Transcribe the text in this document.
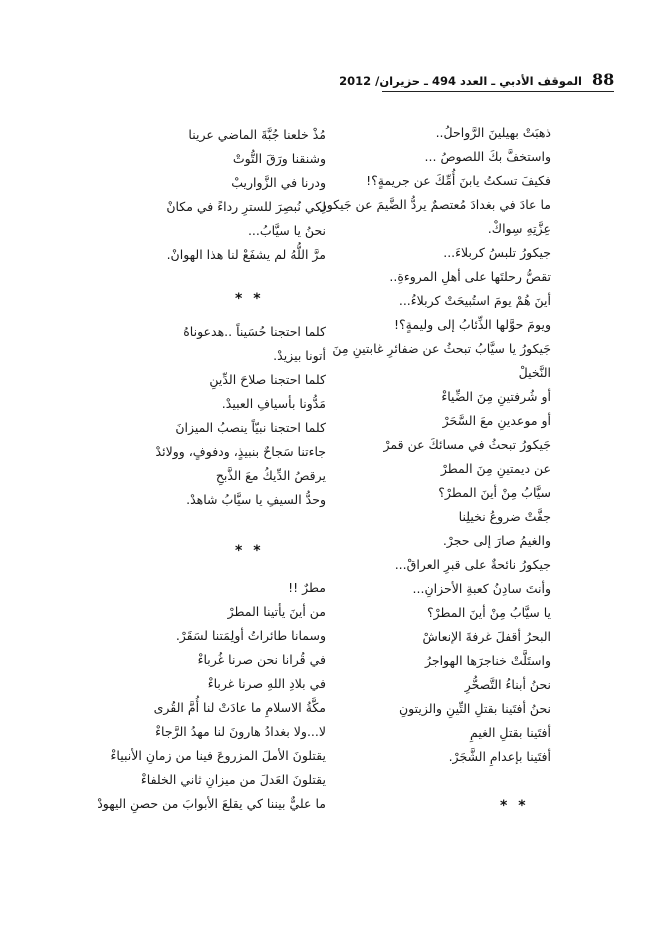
88
الموقف الأدبي ـ العدد 494 ـ حزيران/ 2012
ذهبَتْ بهيلينَ الرَّواحلُ..
واستخفَّ بكَ اللصوصُ ...
فكيفَ تسكتُ يابنَ أُمِّكَ عن جريمةٍ؟!
ما عادَ في بغدادَ مُعتصمٌ يردُّ الضَّيمَ عن جَيكورِ
عِزَّتِهِ سِواكْ.
جيكورُ تلبسُ كربلاءَ...
تقصُّ رحلتَها على أهلِ المروءةِ..
أينَ هُمْ يومَ استُبيحَتْ كربلاءُ...
ويومَ حوَّلها الذِّئابُ إلى وليمةٍ؟!
جَيكورُ يا سيَّابُ تبحثُ عن ضفائرِ غابتينِ مِنَ
النَّخيلْ
أو شُرفتينِ مِنَ الضِّياءْ
أو موعدينِ معَ السَّحَرْ
جَيكورُ تبحثُ في مسائكَ عن قمرْ
عن ديمتينِ مِنَ المطرْ
سيَّابُ مِنْ أينَ المطرْ؟
جفَّتْ ضروعُ نخيلِنا
والغيمُ صارَ إلى حجرْ.
جيكورُ نائحةٌ على قبرِ العراقْ...
وأنتَ سادِنُ كعبةِ الأحزانِ...
يا سيَّابُ مِنْ أينَ المطرْ؟
البحرُ أقفلَ غرفةَ الإنعاشْ
واستَلَّتْ خناجرَها الهواجرُ
نحنُ أبناءُ التَّصحُّرِ
نحنُ أفتَينا بقتلِ التِّينِ والزيتونِ
أفتَينا بقتلِ الغيمِ
أفتَينا بإعدامِ الشَّجَرْ.
مُذْ خلعنا جُبَّةَ الماضي عرينا
وشنقنا ورَقَ التُّوتْ
ودرنا في الزَّواريبْ
لكي نُبصِرَ للسترِ رداءً في مكانْ
نحنُ يا سيَّابُ...
مرَّ اللُّهُ لم يشفَعْ لنا هذا الهوانْ.
* *
كلما احتجنا حُسَيناً ..هدعوناهُ
أتونا بيزيدْ.
كلما احتجنا صلاحَ الدِّينِ
مَدُّونا بأسيافِ العبيدْ.
كلما احتجنا نبيّاً ينصبُ الميزانَ
جاءتنا سَجاحٌ بنبيذٍ، ودفوفٍ، وولائدْ
يرقصُ الدِّيكُ معَ الذَّبحِ
وحدُّ السيفِ يا سيَّابُ شاهدْ.
* *
مطرٌ !!
من أينَ يأتينا المطرْ
وسمانا طائراتُ أولِمَتنا لسَقَرْ.
في قُرانا نحن صرنا غُرباءْ
في بلادِ اللهِ صرنا غرباءْ
مكَّةُ الاسلامِ ما عادَتْ لنا أُمَّ القُرى
لا...ولا بغدادُ هارونَ لنا مهدُ الرَّجاءْ
يقتلونَ الأملَ المزروعَ فينا من زمانِ الأنبياءْ
يقتلونَ العَدلَ من ميزانِ ثاني الخلفاءْ
ما عليٌّ بيننا كي يقلعَ الأبوابَ من حصنِ اليهودْ	* *
